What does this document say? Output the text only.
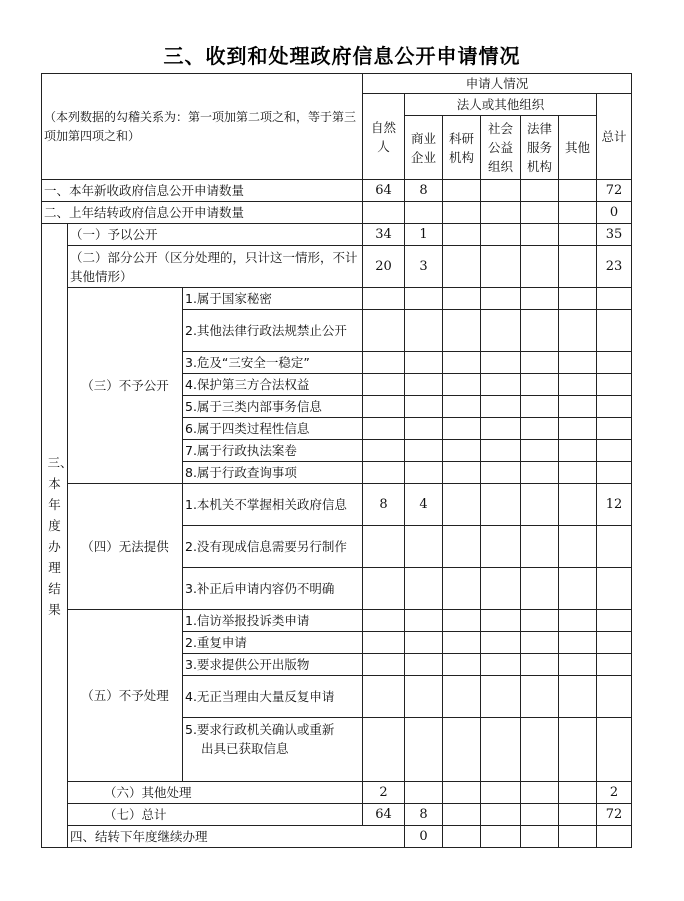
三、收到和处理政府信息公开申请情况
（本列数据的勾稽关系为：第一项加第二项之和，等于第三项加第四项之和）			申请人情况							
			自然人	法人或其他组织					总计	
				商业企业	科研机构	社会公益组织	法律服务机构	其他		

一、本年新收政府信息公开申请数量			64	8					72	
二、上年结转政府信息公开申请数量									0	
三、本年度办理结果	（一）予以公开		34	1					35	
	（二）部分公开（区分处理的，只计这一情形，不计其他情形）		20	3					23	
	（三）不予公开	1.属于国家秘密								
		2.其他法律行政法规禁止公开								
		3.危及“三安全一稳定”								
		4.保护第三方合法权益								
		5.属于三类内部事务信息								
		6.属于四类过程性信息								
		7.属于行政执法案卷								
		8.属于行政查询事项								
	（四）无法提供	1.本机关不掌握相关政府信息	8	4					12	
		2.没有现成信息需要另行制作								
		3.补正后申请内容仍不明确								
	（五）不予处理	1.信访举报投诉类申请								
		2.重复申请								
		3.要求提供公开出版物								
		4.无正当理由大量反复申请								

		5.要求行政机关确认或重新
出具已获取信息								

	（六）其他处理		2						2	
	（七）总计		64	8					72	
	四、结转下年度继续办理			0						
